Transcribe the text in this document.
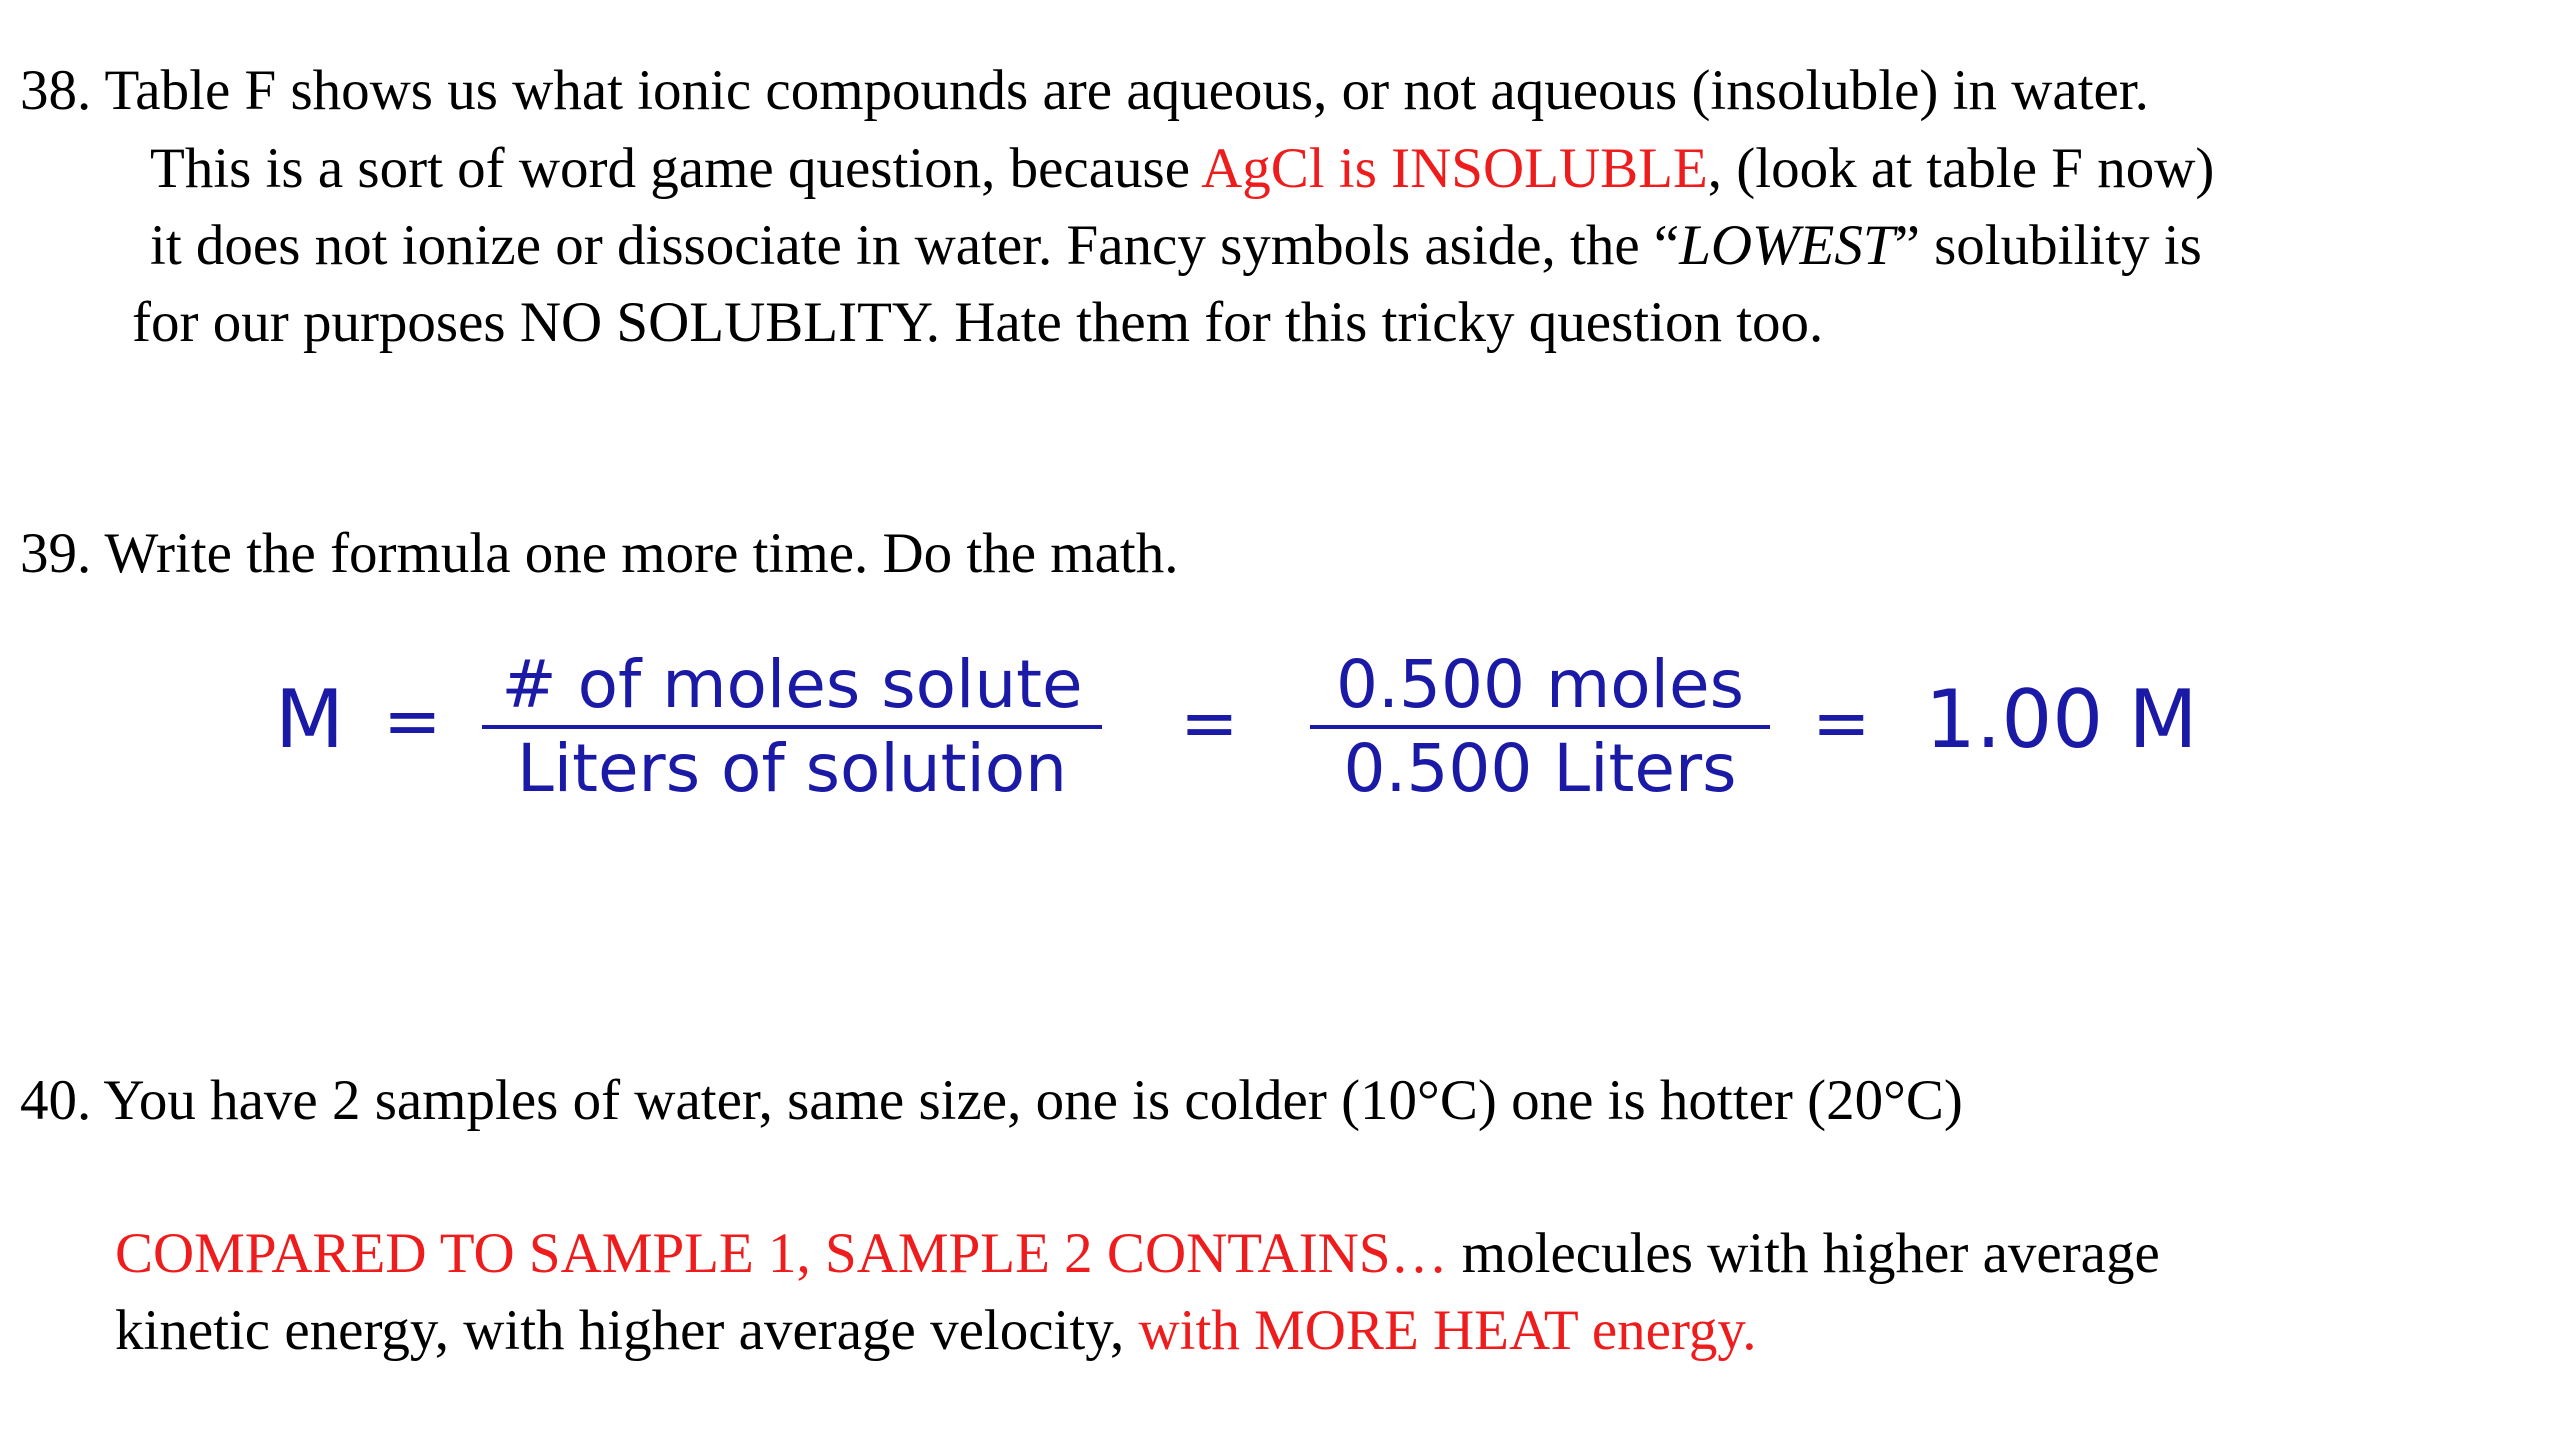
38. Table F shows us what ionic compounds are aqueous, or not aqueous (insoluble) in water.
This is a sort of word game question, because AgCl is INSOLUBLE, (look at table F now)
it does not ionize or dissociate in water. Fancy symbols aside, the “LOWEST” solubility is
for our purposes NO SOLUBLITY. Hate them for this tricky question too.
39. Write the formula one more time. Do the math.
M = # of moles solute
Liters of solution
=	0.500 moles
0.500 Liters
= 1.00 M
40. You have 2 samples of water, same size, one is colder (10°C) one is hotter (20°C)
COMPARED TO SAMPLE 1, SAMPLE 2 CONTAINS… molecules with higher average
kinetic energy, with higher average velocity, with MORE HEAT energy.
